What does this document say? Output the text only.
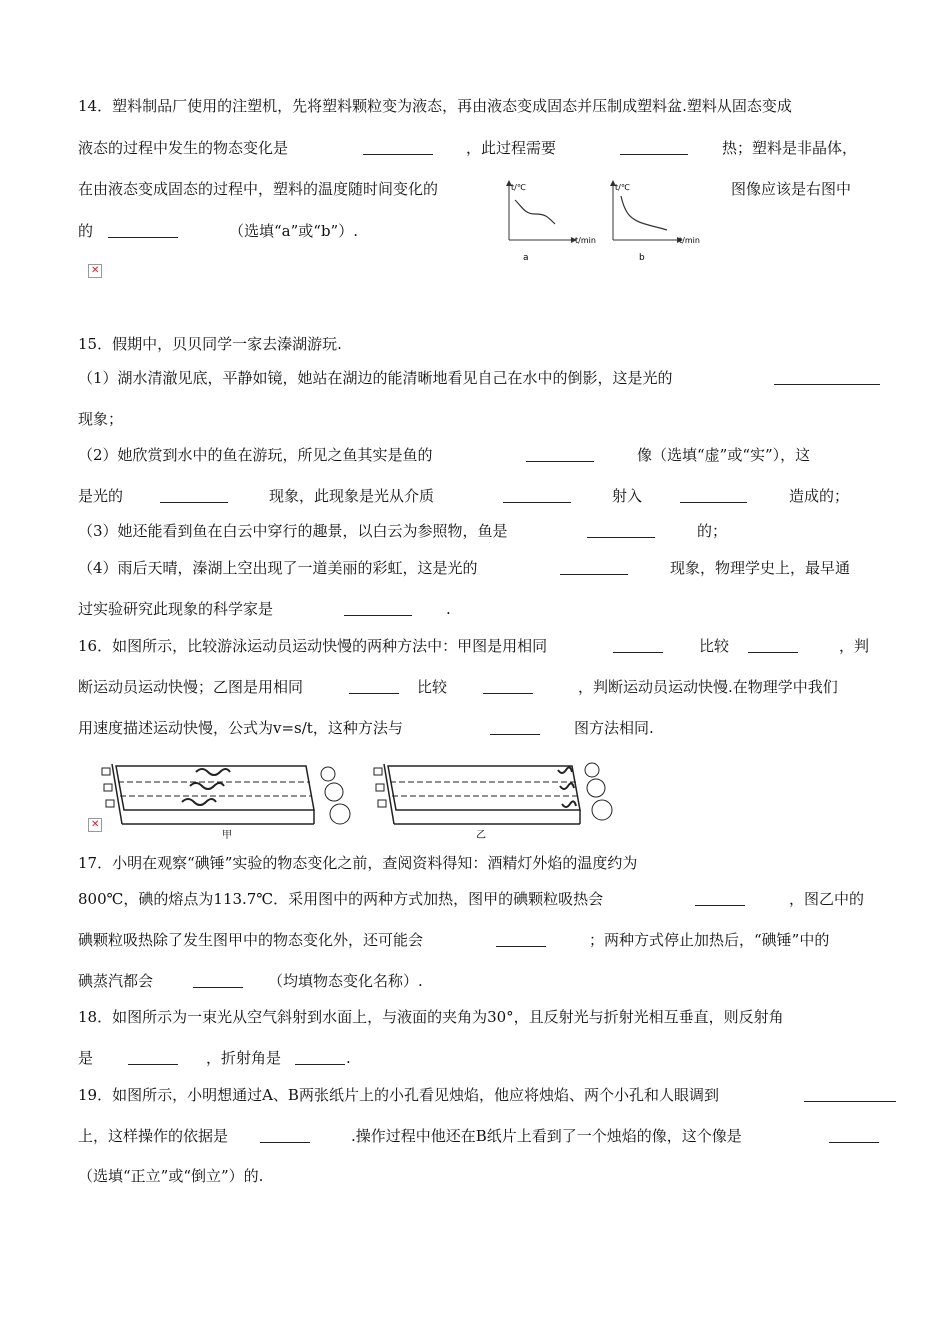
14．塑料制品厂使用的注塑机，先将塑料颗粒变为液态，再由液态变成固态并压制成塑料盆.塑料从固态变成
液态的过程中发生的物态变化是	，此过程需要	热；塑料是非晶体，
在由液态变成固态的过程中，塑料的温度随时间变化的	图像应该是右图中
的	（选填“a”或“b”）.
t/℃
t/min
a
t/℃
t/min
b
✕
15．假期中，贝贝同学一家去溱湖游玩.
（1）湖水清澈见底，平静如镜，她站在湖边的能清晰地看见自己在水中的倒影，这是光的
现象；
（2）她欣赏到水中的鱼在游玩，所见之鱼其实是鱼的	像（选填“虚”或“实”），这
是光的	现象，此现象是光从介质	射入	造成的；
（3）她还能看到鱼在白云中穿行的趣景，以白云为参照物，鱼是	的；
（4）雨后天晴，溱湖上空出现了一道美丽的彩虹，这是光的	现象，物理学史上，最早通
过实验研究此现象的科学家是	.
16．如图所示，比较游泳运动员运动快慢的两种方法中：甲图是用相同	比较	，判
断运动员运动快慢；乙图是用相同	比较	，判断运动员运动快慢.在物理学中我们
用速度描述运动快慢，公式为v=s/t，这种方法与	图方法相同.
甲	乙
✕
17．小明在观察“碘锤”实验的物态变化之前，查阅资料得知：酒精灯外焰的温度约为
800℃，碘的熔点为113.7℃．采用图中的两种方式加热，图甲的碘颗粒吸热会	，图乙中的
碘颗粒吸热除了发生图甲中的物态变化外，还可能会	；两种方式停止加热后，“碘锤”中的
碘蒸汽都会	（均填物态变化名称）.
18．如图所示为一束光从空气斜射到水面上，与液面的夹角为30°，且反射光与折射光相互垂直，则反射角
是	，折射角是	.
19．如图所示，小明想通过A、B两张纸片上的小孔看见烛焰，他应将烛焰、两个小孔和人眼调到
上，这样操作的依据是	.操作过程中他还在B纸片上看到了一个烛焰的像，这个像是
（选填“正立”或“倒立”）的.
